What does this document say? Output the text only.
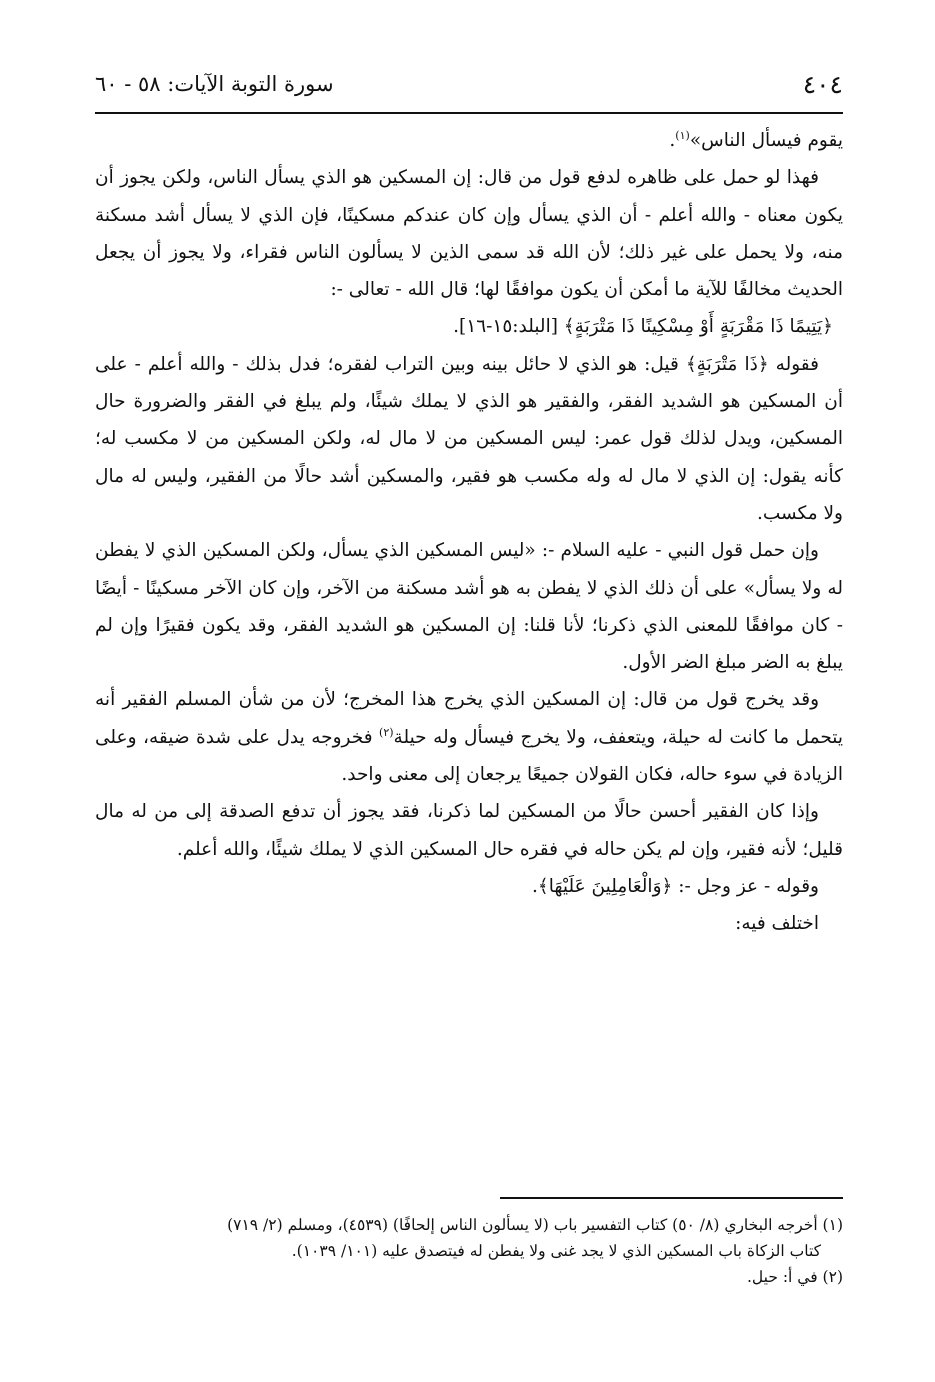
٤٠٤
سورة التوبة الآيات: ٥٨ - ٦٠

يقوم فيسأل الناس»$^{(١)}$.

فهذا لو حمل على ظاهره لدفع قول من قال: إن المسكين هو الذي يسأل الناس، ولكن يجوز أن يكون معناه - والله أعلم - أن الذي يسأل وإن كان عندكم مسكينًا، فإن الذي لا يسأل أشد مسكنة منه، ولا يحمل على غير ذلك؛ لأن الله قد سمى الذين لا يسألون الناس فقراء، ولا يجوز أن يجعل الحديث مخالفًا للآية ما أمكن أن يكون موافقًا لها؛ قال الله - تعالى -:

﴿يَتِيمًا ذَا مَقْرَبَةٍ أَوْ مِسْكِينًا ذَا مَتْرَبَةٍ﴾ [البلد:١٥-١٦].

فقوله ﴿ذَا مَتْرَبَةٍ﴾ قيل: هو الذي لا حائل بينه وبين التراب لفقره؛ فدل بذلك - والله أعلم - على أن المسكين هو الشديد الفقر، والفقير هو الذي لا يملك شيئًا، ولم يبلغ في الفقر والضرورة حال المسكين، ويدل لذلك قول عمر: ليس المسكين من لا مال له، ولكن المسكين من لا مكسب له؛ كأنه يقول: إن الذي لا مال له وله مكسب هو فقير، والمسكين أشد حالًا من الفقير، وليس له مال ولا مكسب.

وإن حمل قول النبي - عليه السلام -: «ليس المسكين الذي يسأل، ولكن المسكين الذي لا يفطن له ولا يسأل» على أن ذلك الذي لا يفطن به هو أشد مسكنة من الآخر، وإن كان الآخر مسكينًا - أيضًا - كان موافقًا للمعنى الذي ذكرنا؛ لأنا قلنا: إن المسكين هو الشديد الفقر، وقد يكون فقيرًا وإن لم يبلغ به الضر مبلغ الضر الأول.

وقد يخرج قول من قال: إن المسكين الذي يخرج هذا المخرج؛ لأن من شأن المسلم الفقير أنه يتحمل ما كانت له حيلة، ويتعفف، ولا يخرج فيسأل وله حيلة$^{(٢)}$ فخروجه يدل على شدة ضيقه، وعلى الزيادة في سوء حاله، فكان القولان جميعًا يرجعان إلى معنى واحد.

وإذا كان الفقير أحسن حالًا من المسكين لما ذكرنا، فقد يجوز أن تدفع الصدقة إلى من له مال قليل؛ لأنه فقير، وإن لم يكن حاله في فقره حال المسكين الذي لا يملك شيئًا، والله أعلم.

وقوله - عز وجل -: ﴿وَالْعَامِلِينَ عَلَيْهَا﴾.

اختلف فيه:

(١) أخرجه البخاري (٨/ ٥٠) كتاب التفسير باب (لا يسألون الناس إلحافًا) (٤٥٣٩)، ومسلم (٢/ ٧١٩)

كتاب الزكاة باب المسكين الذي لا يجد غنى ولا يفطن له فيتصدق عليه (١٠١/ ١٠٣٩).

(٢) في أ: حيل.
